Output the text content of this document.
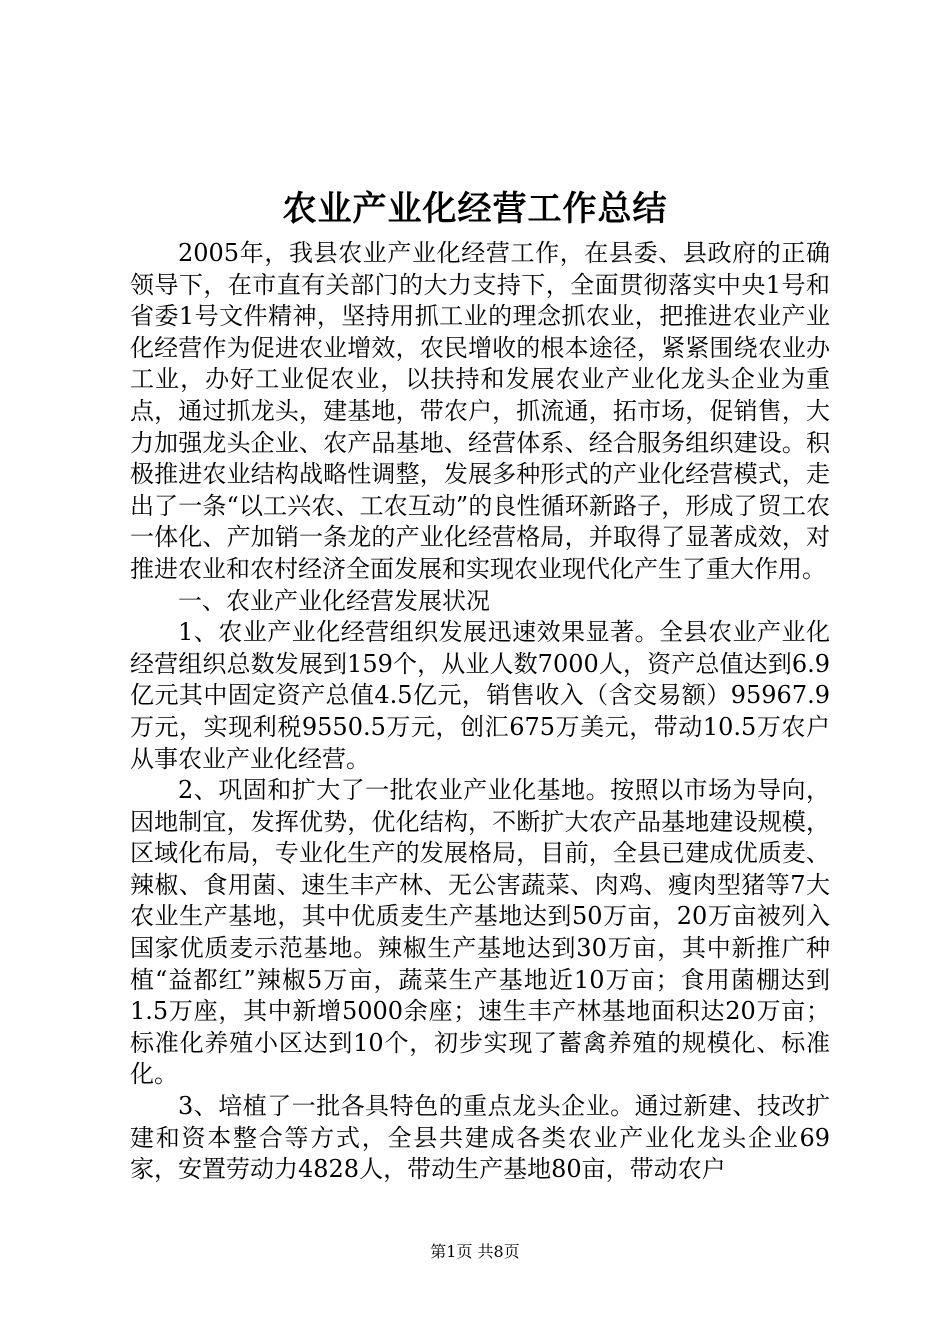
农业产业化经营工作总结

2005年，我县农业产业化经营工作，在县委、县政府的正确领导下，在市直有关部门的大力支持下，全面贯彻落实中央1号和省委1号文件精神，坚持用抓工业的理念抓农业，把推进农业产业化经营作为促进农业增效，农民增收的根本途径，紧紧围绕农业办工业，办好工业促农业，以扶持和发展农业产业化龙头企业为重点，通过抓龙头，建基地，带农户，抓流通，拓市场，促销售，大力加强龙头企业、农产品基地、经营体系、经合服务组织建设。积极推进农业结构战略性调整，发展多种形式的产业化经营模式，走出了一条“以工兴农、工农互动”的良性循环新路子，形成了贸工农一体化、产加销一条龙的产业化经营格局，并取得了显著成效，对推进农业和农村经济全面发展和实现农业现代化产生了重大作用。

一、农业产业化经营发展状况

1、农业产业化经营组织发展迅速效果显著。全县农业产业化经营组织总数发展到159个，从业人数7000人，资产总值达到6.9亿元其中固定资产总值4.5亿元，销售收入（含交易额）95967.9万元，实现利税9550.5万元，创汇675万美元，带动10.5万农户从事农业产业化经营。

2、巩固和扩大了一批农业产业化基地。按照以市场为导向，因地制宜，发挥优势，优化结构，不断扩大农产品基地建设规模，区域化布局，专业化生产的发展格局，目前，全县已建成优质麦、辣椒、食用菌、速生丰产林、无公害蔬菜、肉鸡、瘦肉型猪等7大农业生产基地，其中优质麦生产基地达到50万亩，20万亩被列入国家优质麦示范基地。辣椒生产基地达到30万亩，其中新推广种植“益都红”辣椒5万亩，蔬菜生产基地近10万亩；食用菌棚达到1.5万座，其中新增5000余座；速生丰产林基地面积达20万亩；标准化养殖小区达到10个，初步实现了蓄禽养殖的规模化、标准化。

3、培植了一批各具特色的重点龙头企业。通过新建、技改扩建和资本整合等方式，全县共建成各类农业产业化龙头企业69家，安置劳动力4828人，带动生产基地80亩，带动农户

第1页 共8页
